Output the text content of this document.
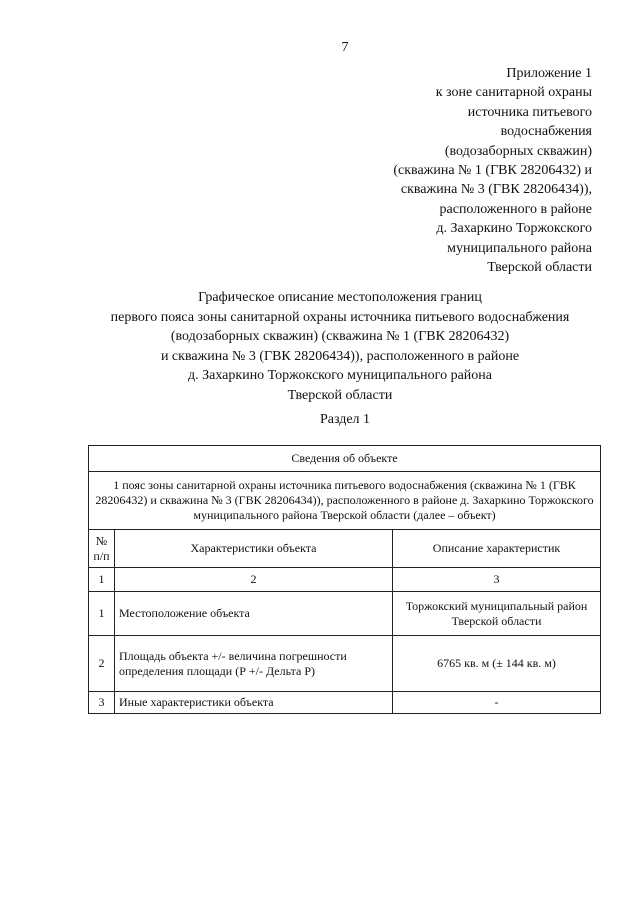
7
Приложение 1
к зоне санитарной охраны
источника питьевого
водоснабжения
(водозаборных скважин)
(скважина № 1 (ГВК 28206432) и
скважина № 3 (ГВК 28206434)),
расположенного в районе
д. Захаркино Торжокского
муниципального района
Тверской области
Графическое описание местоположения границ
первого пояса зоны санитарной охраны источника питьевого водоснабжения
(водозаборных скважин) (скважина № 1 (ГВК 28206432)
и скважина № 3 (ГВК 28206434)), расположенного в районе
д. Захаркино Торжокского муниципального района
Тверской области
Раздел 1
Сведения об объекте		
1 пояс зоны санитарной охраны источника питьевого водоснабжения (скважина № 1 (ГВК 28206432) и скважина № 3 (ГВК 28206434)), расположенного в районе д. Захаркино Торжокского муниципального района Тверской области (далее – объект)		
№ п/п	Характеристики объекта	Описание характеристик
1	2	3
1	Местоположение объекта	Торжокский муниципальный район Тверской области
2	Площадь объекта +/- величина погрешности определения площади (Р +/- Дельта Р)	6765 кв. м (± 144 кв. м)
3	Иные характеристики объекта	-
